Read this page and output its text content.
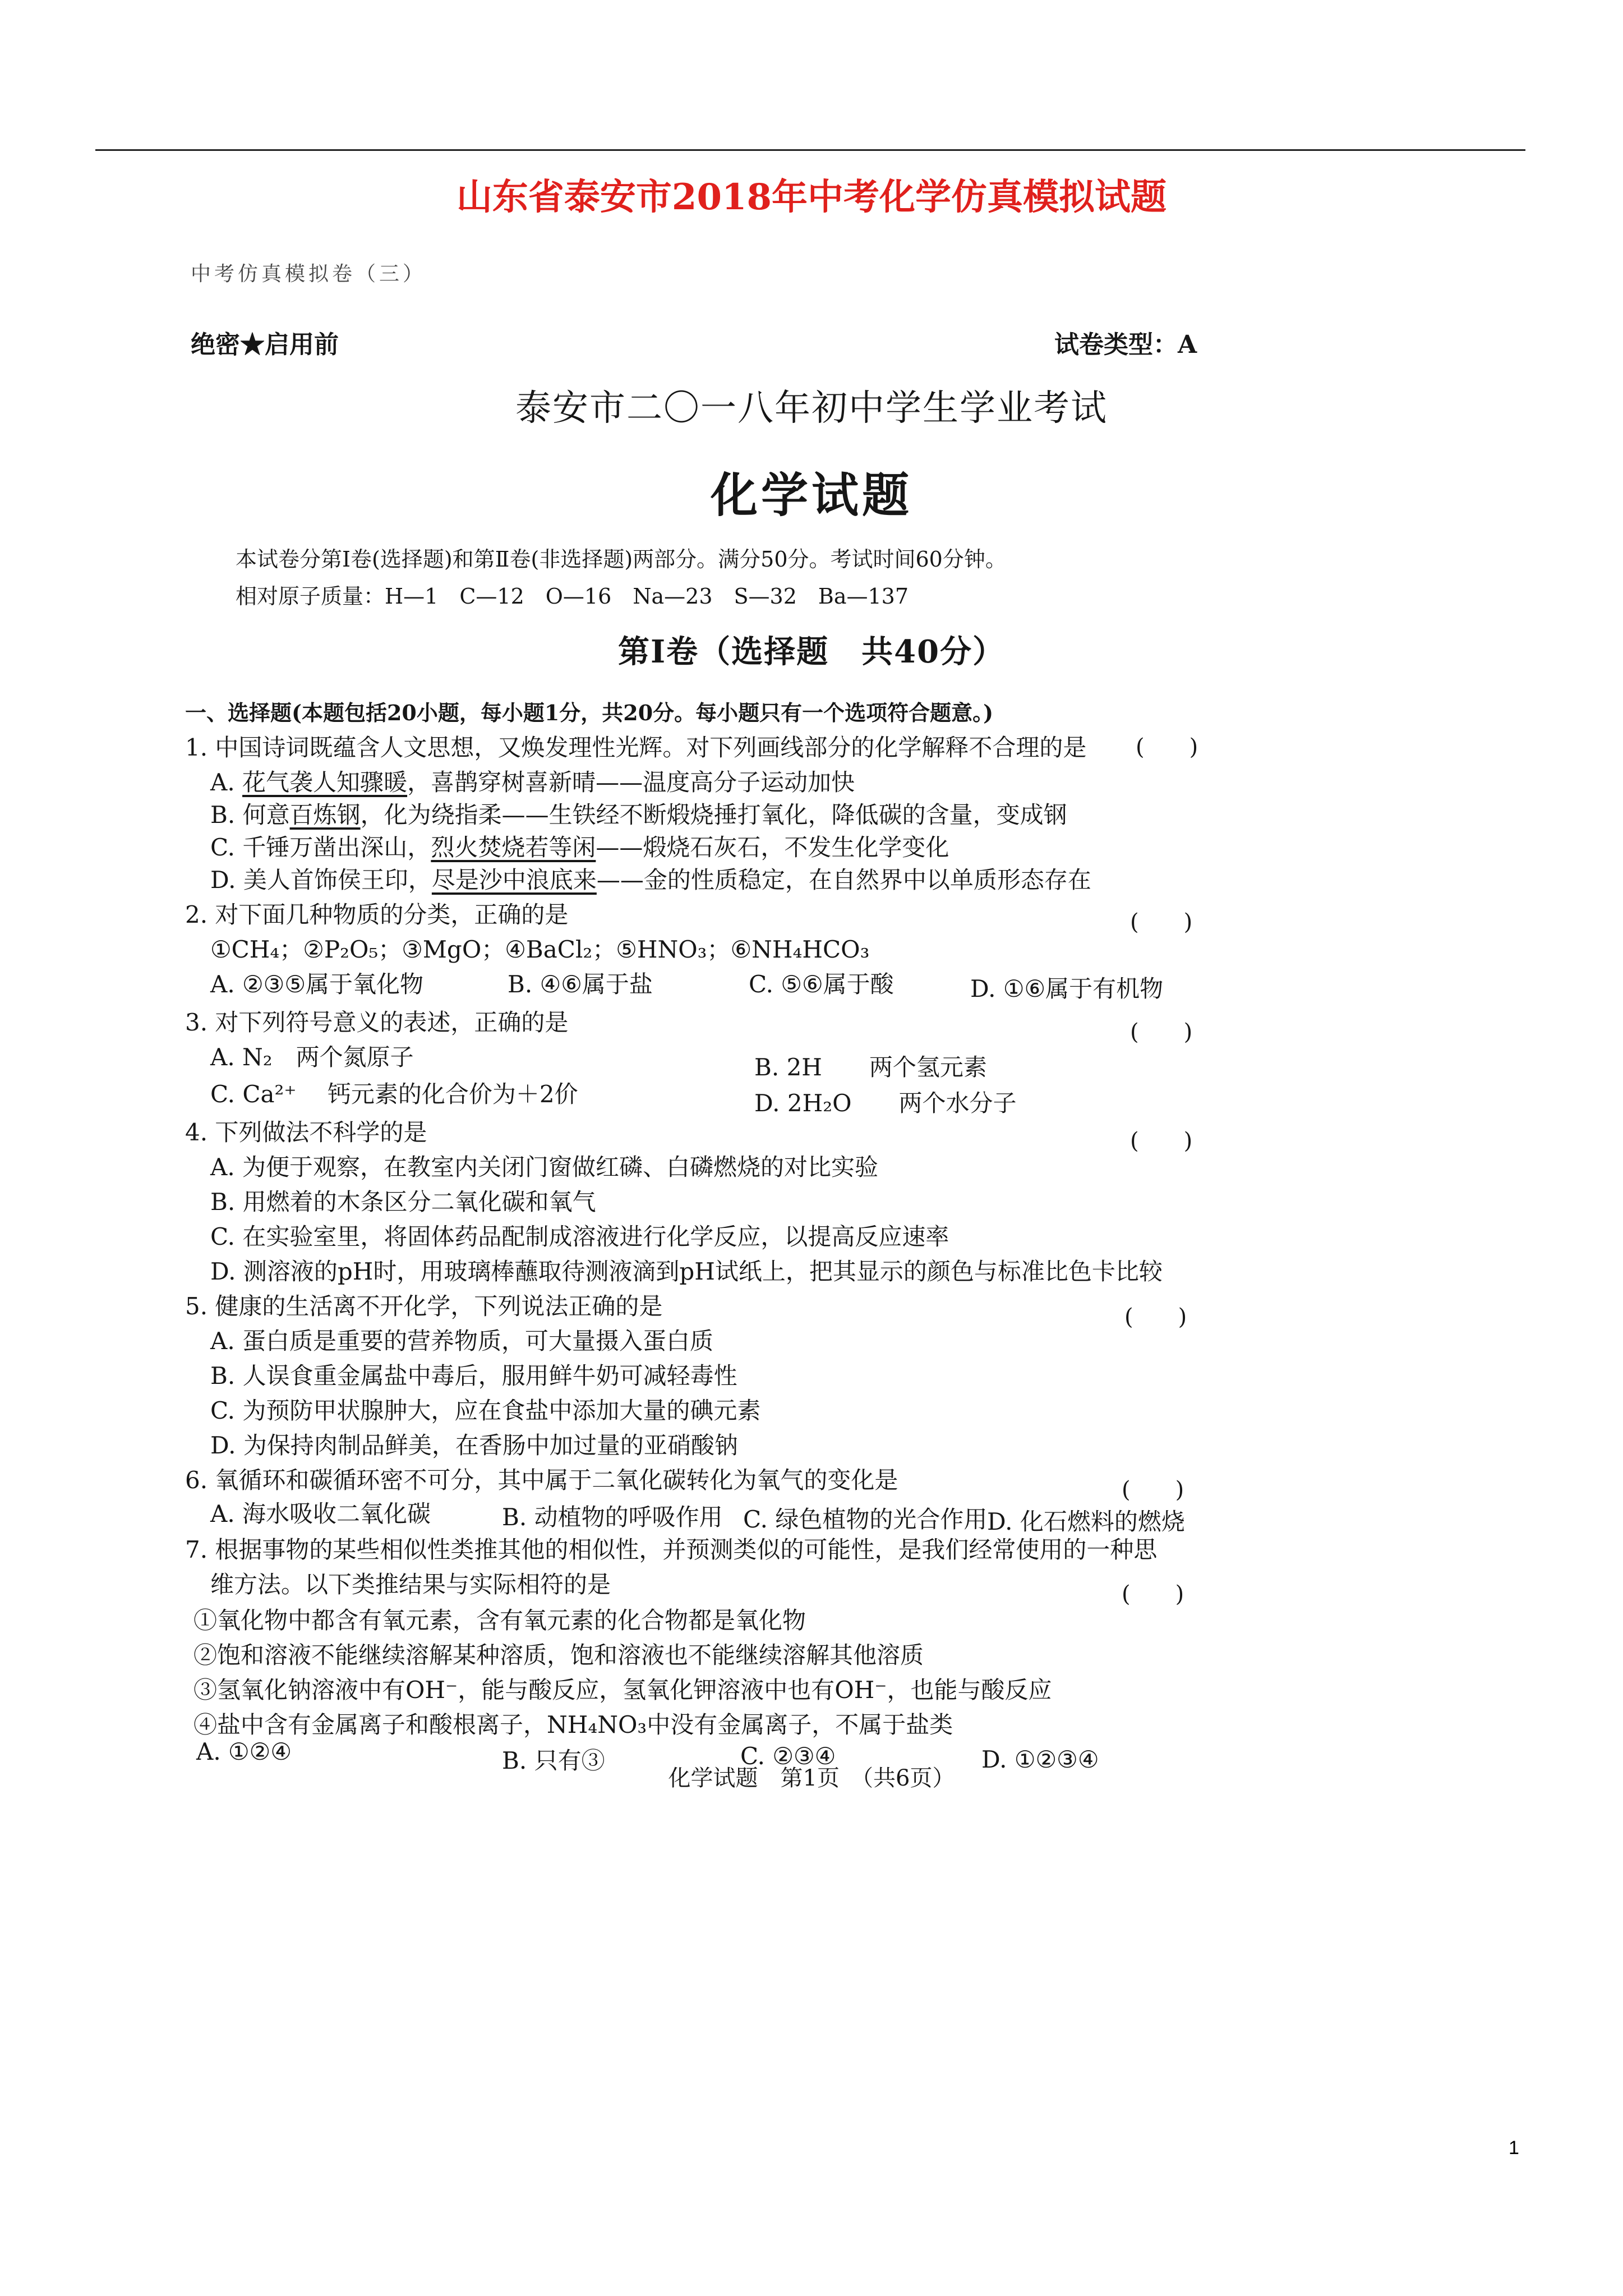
山东省泰安市2018年中考化学仿真模拟试题
中考仿真模拟卷（三）
绝密★启用前	试卷类型：A
泰安市二〇一八年初中学生学业考试
化学试题
本试卷分第Ⅰ卷(选择题)和第Ⅱ卷(非选择题)两部分。满分50分。考试时间60分钟。
相对原子质量：H—1　C—12　O—16　Na—23　S—32　Ba—137
第Ⅰ卷（选择题　共40分）
一、选择题(本题包括20小题，每小题1分，共20分。每小题只有一个选项符合题意。)
1. 中国诗词既蕴含人文思想，又焕发理性光辉。对下列画线部分的化学解释不合理的是 (　　)
A. 花气袭人知骤暖，喜鹊穿树喜新晴——温度高分子运动加快
B. 何意百炼钢，化为绕指柔——生铁经不断煅烧捶打氧化，降低碳的含量，变成钢
C. 千锤万凿出深山，烈火焚烧若等闲——煅烧石灰石，不发生化学变化
D. 美人首饰侯王印，尽是沙中浪底来——金的性质稳定，在自然界中以单质形态存在
2. 对下面几种物质的分类，正确的是	(　　)
①CH₄；②P₂O₅；③MgO；④BaCl₂；⑤HNO₃；⑥NH₄HCO₃
A. ②③⑤属于氧化物	B. ④⑥属于盐	C. ⑤⑥属于酸	D. ①⑥属于有机物
3. 对下列符号意义的表述，正确的是	(　　)
A. N₂　两个氮原子	B. 2H　　两个氢元素
C. Ca²⁺　 钙元素的化合价为＋2价	D. 2H₂O　　两个水分子
4. 下列做法不科学的是	(　　)
A. 为便于观察，在教室内关闭门窗做红磷、白磷燃烧的对比实验
B. 用燃着的木条区分二氧化碳和氧气
C. 在实验室里，将固体药品配制成溶液进行化学反应，以提高反应速率
D. 测溶液的pH时，用玻璃棒蘸取待测液滴到pH试纸上，把其显示的颜色与标准比色卡比较
5. 健康的生活离不开化学，下列说法正确的是	(　　)
A. 蛋白质是重要的营养物质，可大量摄入蛋白质
B. 人误食重金属盐中毒后，服用鲜牛奶可减轻毒性
C. 为预防甲状腺肿大，应在食盐中添加大量的碘元素
D. 为保持肉制品鲜美，在香肠中加过量的亚硝酸钠
6. 氧循环和碳循环密不可分，其中属于二氧化碳转化为氧气的变化是	(　　)
A. 海水吸收二氧化碳	B. 动植物的呼吸作用 C. 绿色植物的光合作用 D. 化石燃料的燃烧
7. 根据事物的某些相似性类推其他的相似性，并预测类似的可能性，是我们经常使用的一种思
维方法。以下类推结果与实际相符的是	(　　)
①氧化物中都含有氧元素，含有氧元素的化合物都是氧化物
②饱和溶液不能继续溶解某种溶质，饱和溶液也不能继续溶解其他溶质
③氢氧化钠溶液中有OH⁻，能与酸反应，氢氧化钾溶液中也有OH⁻，也能与酸反应
④盐中含有金属离子和酸根离子，NH₄NO₃中没有金属离子，不属于盐类
A. ①②④	B. 只有③	C. ②③④	D. ①②③④
化学试题　第1页　（共6页）
1
